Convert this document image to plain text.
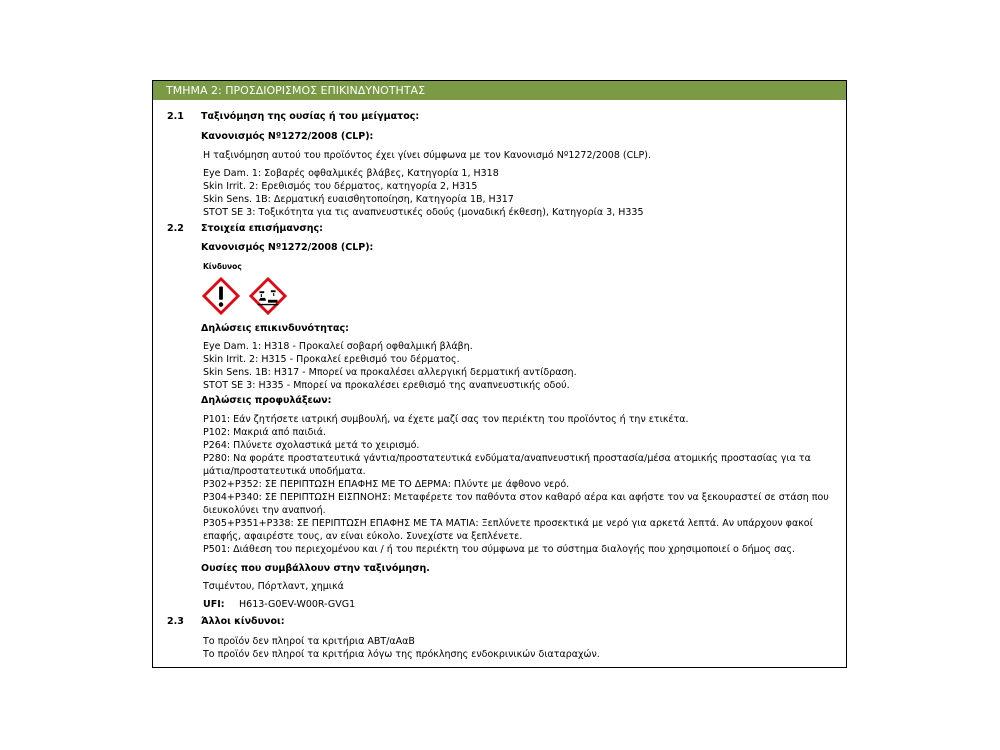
ΤΜΗΜΑ 2: ΠΡΟΣΔΙΟΡΙΣΜΟΣ ΕΠΙΚΙΝΔΥΝΟΤΗΤΑΣ
2.1 Ταξινόμηση της ουσίας ή του μείγματος:
Κανονισμός Νº1272/2008 (CLP):
Η ταξινόμηση αυτού του προϊόντος έχει γίνει σύμφωνα με τον Κανονισμό Νº1272/2008 (CLP).
Eye Dam. 1: Σοβαρές οφθαλμικές βλάβες, Κατηγορία 1, H318
Skin Irrit. 2: Ερεθισμός του δέρματος, κατηγορία 2, H315
Skin Sens. 1B: Δερματική ευαισθητοποίηση, Κατηγορία 1B, H317
STOT SE 3: Τοξικότητα για τις αναπνευστικές οδούς (μοναδική έκθεση), Κατηγορία 3, H335
2.2 Στοιχεία επισήμανσης:
Κανονισμός Νº1272/2008 (CLP):
Κίνδυνος
Δηλώσεις επικινδυνότητας:
Eye Dam. 1: H318 - Προκαλεί σοβαρή οφθαλμική βλάβη.
Skin Irrit. 2: H315 - Προκαλεί ερεθισμό του δέρματος.
Skin Sens. 1B: H317 - Μπορεί να προκαλέσει αλλεργική δερματική αντίδραση.
STOT SE 3: H335 - Μπορεί να προκαλέσει ερεθισμό της αναπνευστικής οδού.
Δηλώσεις προφυλάξεων:
P101: Εάν ζητήσετε ιατρική συμβουλή, να έχετε μαζί σας τον περιέκτη του προϊόντος ή την ετικέτα.
P102: Μακριά από παιδιά.
P264: Πλύνετε σχολαστικά μετά το χειρισμό.
P280: Να φοράτε προστατευτικά γάντια/προστατευτικά ενδύματα/αναπνευστική προστασία/μέσα ατομικής προστασίας για τα
μάτια/προστατευτικά υποδήματα.
P302+P352: ΣΕ ΠΕΡΙΠΤΩΣΗ ΕΠΑΦΗΣ ΜΕ ΤΟ ΔΕΡΜΑ: Πλύντε με άφθονο νερό.
P304+P340: ΣΕ ΠΕΡΙΠΤΩΣΗ ΕΙΣΠΝΟΗΣ: Μεταφέρετε τον παθόντα στον καθαρό αέρα και αφήστε τον να ξεκουραστεί σε στάση που
διευκολύνει την αναπνοή.
P305+P351+P338: ΣΕ ΠΕΡΙΠΤΩΣΗ ΕΠΑΦΗΣ ΜΕ ΤΑ ΜΑΤΙΑ: Ξεπλύνετε προσεκτικά με νερό για αρκετά λεπτά. Αν υπάρχουν φακοί
επαφής, αφαιρέστε τους, αν είναι εύκολο. Συνεχίστε να ξεπλένετε.
P501: Διάθεση του περιεχομένου και / ή του περιέκτη του σύμφωνα με το σύστημα διαλογής που χρησιμοποιεί ο δήμος σας.
Ουσίες που συμβάλλουν στην ταξινόμηση.
Τσιμέντου, Πόρτλαντ, χημικά
UFI: H613-G0EV-W00R-GVG1
2.3 Άλλοι κίνδυνοι:
Το προϊόν δεν πληροί τα κριτήρια ABT/αΑαΒ
Το προϊόν δεν πληροί τα κριτήρια λόγω της πρόκλησης ενδοκρινικών διαταραχών.
